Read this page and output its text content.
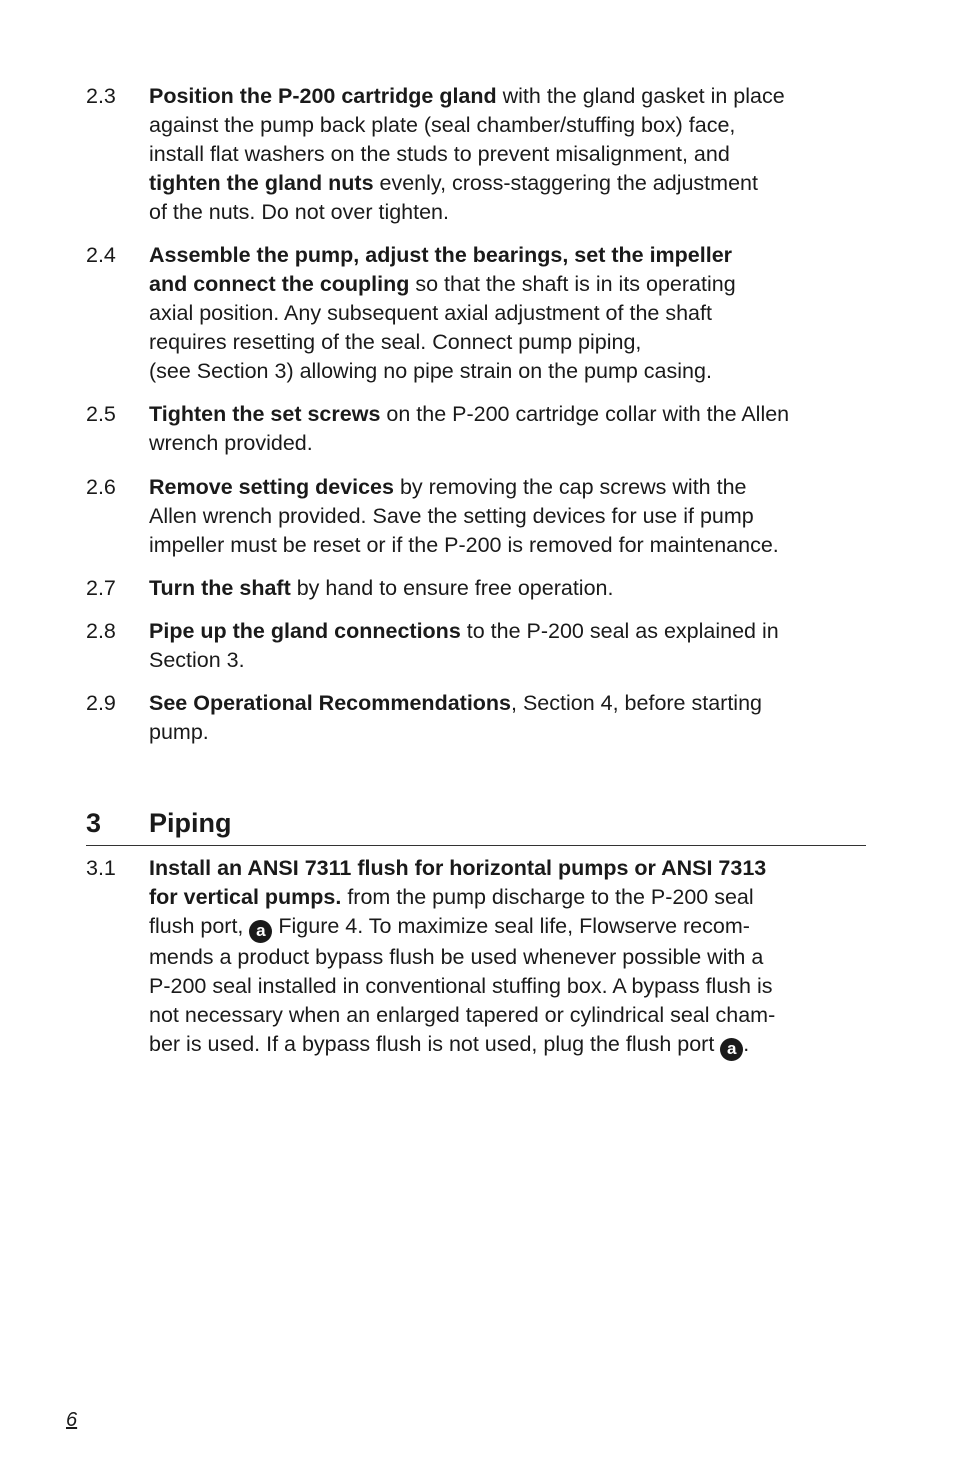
2.3	Position the P-200 cartridge gland with the gland gasket in place
against the pump back plate (seal chamber/stuffing box) face,
install flat washers on the studs to prevent misalignment, and
tighten the gland nuts evenly, cross-staggering the adjustment
of the nuts. Do not over tighten.
2.4	Assemble the pump, adjust the bearings, set the impeller
and connect the coupling so that the shaft is in its operating
axial position. Any subsequent axial adjustment of the shaft
requires resetting of the seal. Connect pump piping,
(see Section 3) allowing no pipe strain on the pump casing.
2.5	Tighten the set screws on the P-200 cartridge collar with the Allen
wrench provided.
2.6	Remove setting devices by removing the cap screws with the
Allen wrench provided. Save the setting devices for use if pump
impeller must be reset or if the P-200 is removed for maintenance.
2.7	Turn the shaft by hand to ensure free operation.
2.8	Pipe up the gland connections to the P-200 seal as explained in
Section 3.
2.9	See Operational Recommendations, Section 4, before starting
pump.
3 Piping
3.1	Install an ANSI 7311 flush for horizontal pumps or ANSI 7313
for vertical pumps. from the pump discharge to the P-200 seal
flush port, a Figure 4. To maximize seal life, Flowserve recom-
mends a product bypass flush be used whenever possible with a
P-200 seal installed in conventional stuffing box. A bypass flush is
not necessary when an enlarged tapered or cylindrical seal cham-
ber is used. If a bypass flush is not used, plug the flush port a .
6
